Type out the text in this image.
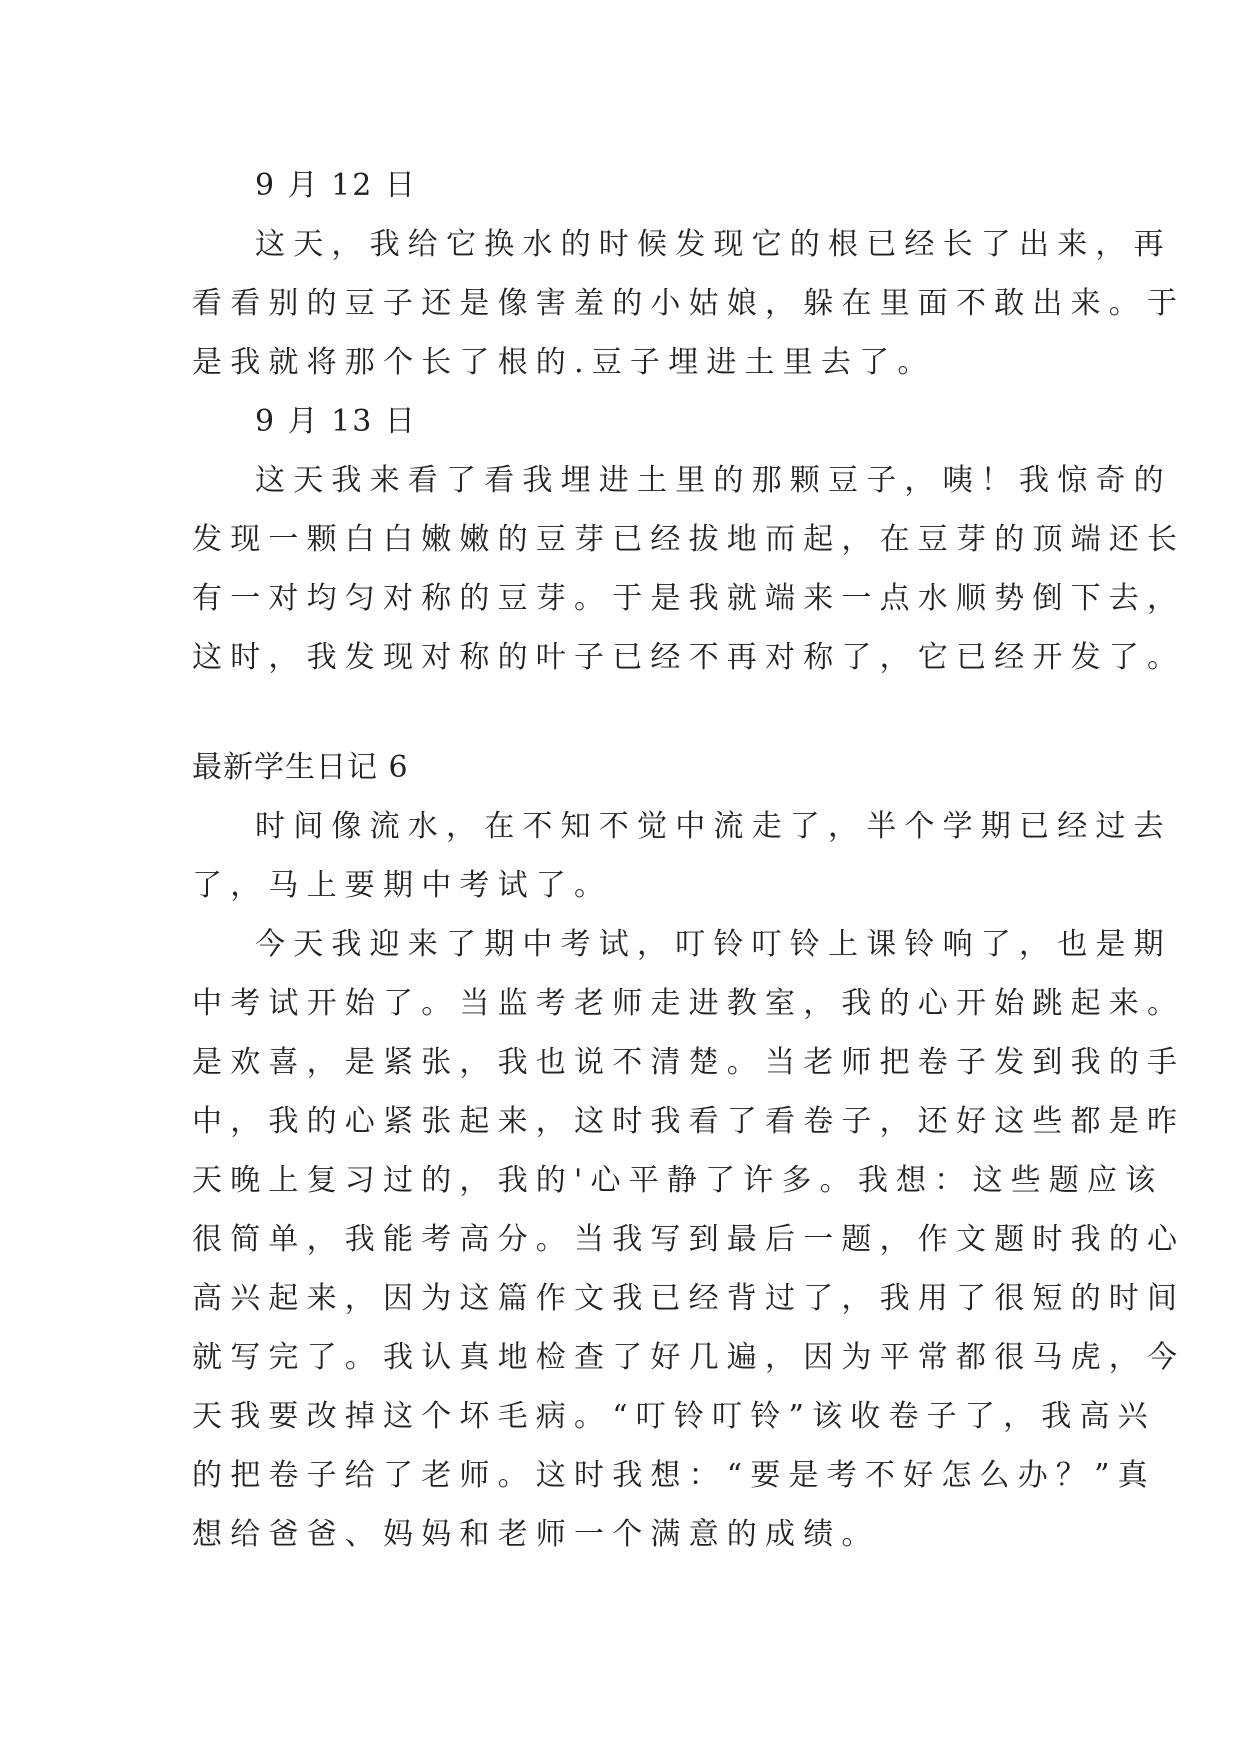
9 月 12 日
这天，我给它换水的时候发现它的根已经长了出来，再
看看别的豆子还是像害羞的小姑娘，躲在里面不敢出来。于
是我就将那个长了根的.豆子埋进土里去了。
9 月 13 日
这天我来看了看我埋进土里的那颗豆子，咦！我惊奇的
发现一颗白白嫩嫩的豆芽已经拔地而起，在豆芽的顶端还长
有一对均匀对称的豆芽。于是我就端来一点水顺势倒下去，
这时，我发现对称的叶子已经不再对称了，它已经开发了。
最新学生日记 6
时间像流水，在不知不觉中流走了，半个学期已经过去
了，马上要期中考试了。
今天我迎来了期中考试，叮铃叮铃上课铃响了，也是期
中考试开始了。当监考老师走进教室，我的心开始跳起来。
是欢喜，是紧张，我也说不清楚。当老师把卷子发到我的手
中，我的心紧张起来，这时我看了看卷子，还好这些都是昨
天晚上复习过的，我的'心平静了许多。我想：这些题应该
很简单，我能考高分。当我写到最后一题，作文题时我的心
高兴起来，因为这篇作文我已经背过了，我用了很短的时间
就写完了。我认真地检查了好几遍，因为平常都很马虎，今
天我要改掉这个坏毛病。“叮铃叮铃”该收卷子了，我高兴
的把卷子给了老师。这时我想：“要是考不好怎么办？”真
想给爸爸、妈妈和老师一个满意的成绩。
